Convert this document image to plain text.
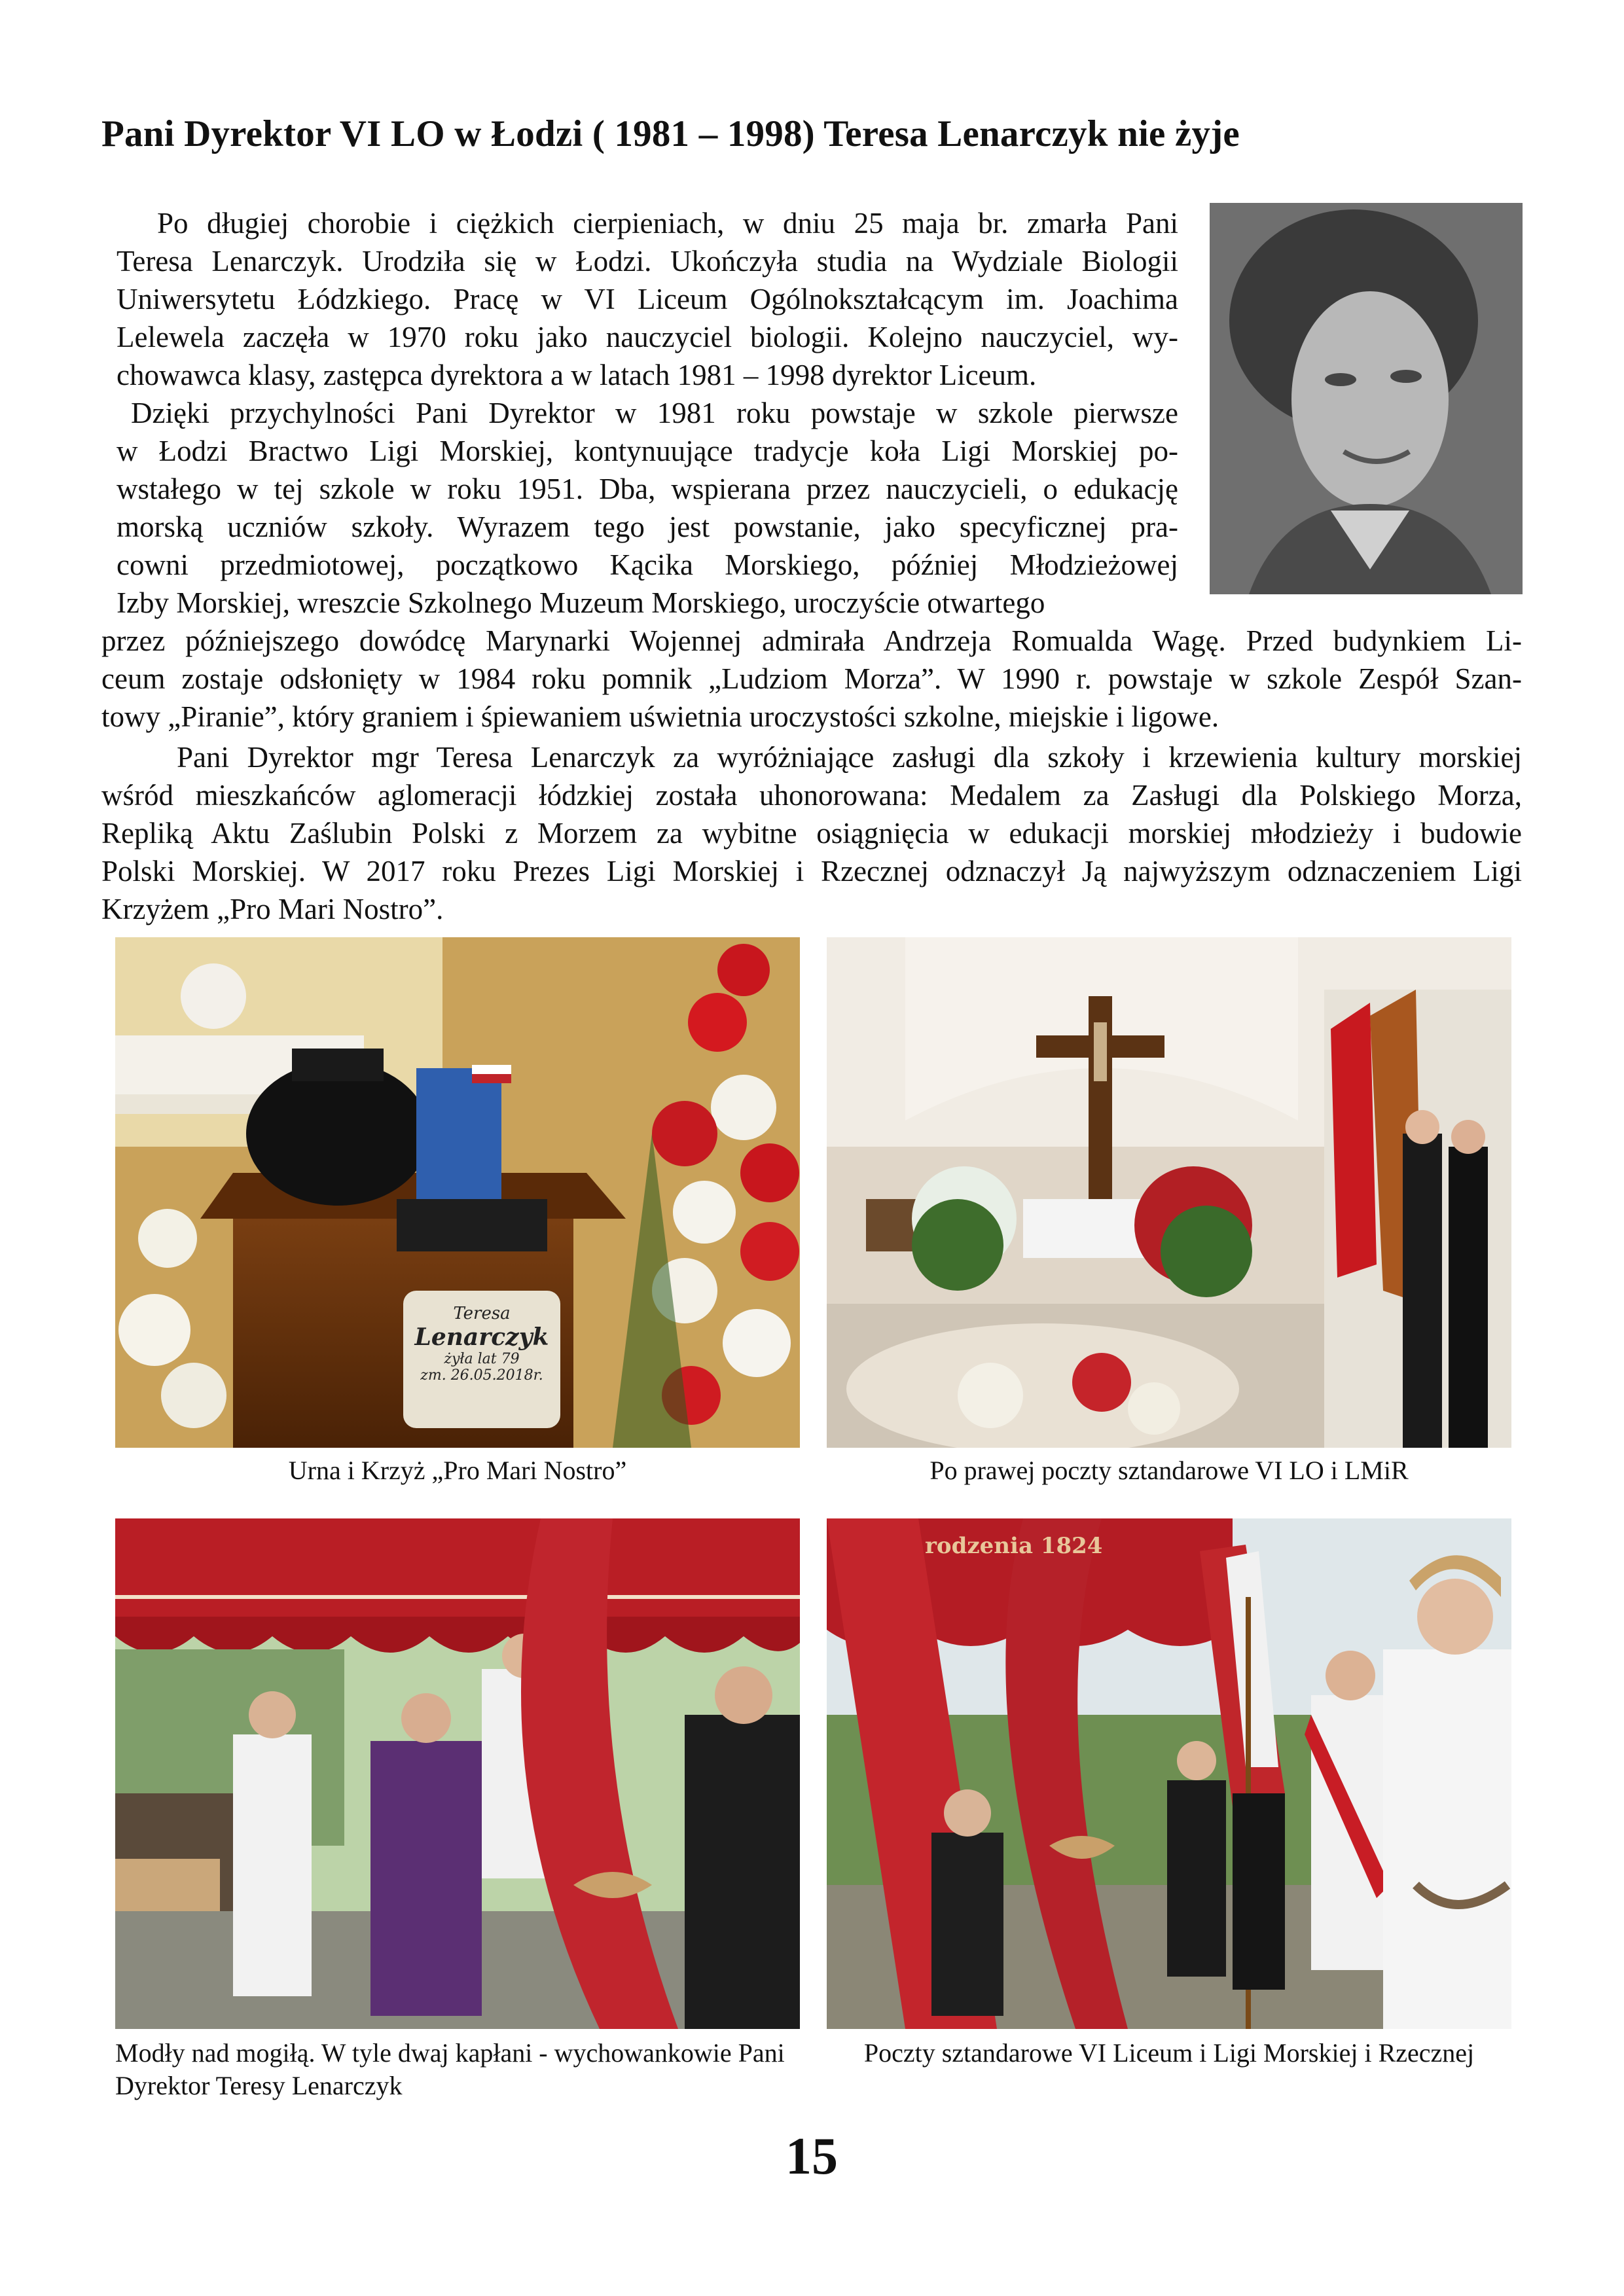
Pani Dyrektor VI LO w Łodzi ( 1981 – 1998) Teresa Lenarczyk nie żyje
Po długiej chorobie i ciężkich cierpieniach, w dniu 25 maja br. zmarła Pani
Teresa Lenarczyk. Urodziła się w Łodzi. Ukończyła studia na Wydziale Biologii
Uniwersytetu Łódzkiego. Pracę w VI Liceum Ogólnokształcącym im. Joachima
Lelewela zaczęła w 1970 roku jako nauczyciel biologii. Kolejno nauczyciel, wy-
chowawca klasy, zastępca dyrektora a w latach 1981 – 1998 dyrektor Liceum.
Dzięki przychylności Pani Dyrektor w 1981 roku powstaje w szkole pierwsze
w Łodzi Bractwo Ligi Morskiej, kontynuujące tradycje koła Ligi Morskiej po-
wstałego w tej szkole w roku 1951. Dba, wspierana przez nauczycieli, o edukację
morską uczniów szkoły. Wyrazem tego jest powstanie, jako specyficznej pra-
cowni przedmiotowej, początkowo Kącika Morskiego, później Młodzieżowej
Izby Morskiej, wreszcie Szkolnego Muzeum Morskiego, uroczyście otwartego
przez późniejszego dowódcę Marynarki Wojennej admirała Andrzeja Romualda Wagę. Przed budynkiem Li-
ceum zostaje odsłonięty w 1984 roku pomnik „Ludziom Morza”. W 1990 r. powstaje w szkole Zespół Szan-
towy „Piranie”, który graniem i śpiewaniem uświetnia uroczystości szkolne, miejskie i ligowe.
Pani Dyrektor mgr Teresa Lenarczyk za wyróżniające zasługi dla szkoły i krzewienia kultury morskiej
wśród mieszkańców aglomeracji łódzkiej została uhonorowana: Medalem za Zasługi dla Polskiego Morza,
Repliką Aktu Zaślubin Polski z Morzem za wybitne osiągnięcia w edukacji morskiej młodzieży i budowie
Polski Morskiej. W 2017 roku Prezes Ligi Morskiej i Rzecznej odznaczył Ją najwyższym odznaczeniem Ligi
Krzyżem „Pro Mari Nostro”.
Teresa
Lenarczyk
żyła lat 79
zm. 26.05.2018r.
Urna i Krzyż „Pro Mari Nostro”	Po prawej poczty sztandarowe VI LO i LMiR
rodzenia 1824
Modły nad mogiłą. W tyle dwaj kapłani - wychowankowie Pani
Dyrektor Teresy Lenarczyk
Poczty sztandarowe VI Liceum i Ligi Morskiej i Rzecznej
15
